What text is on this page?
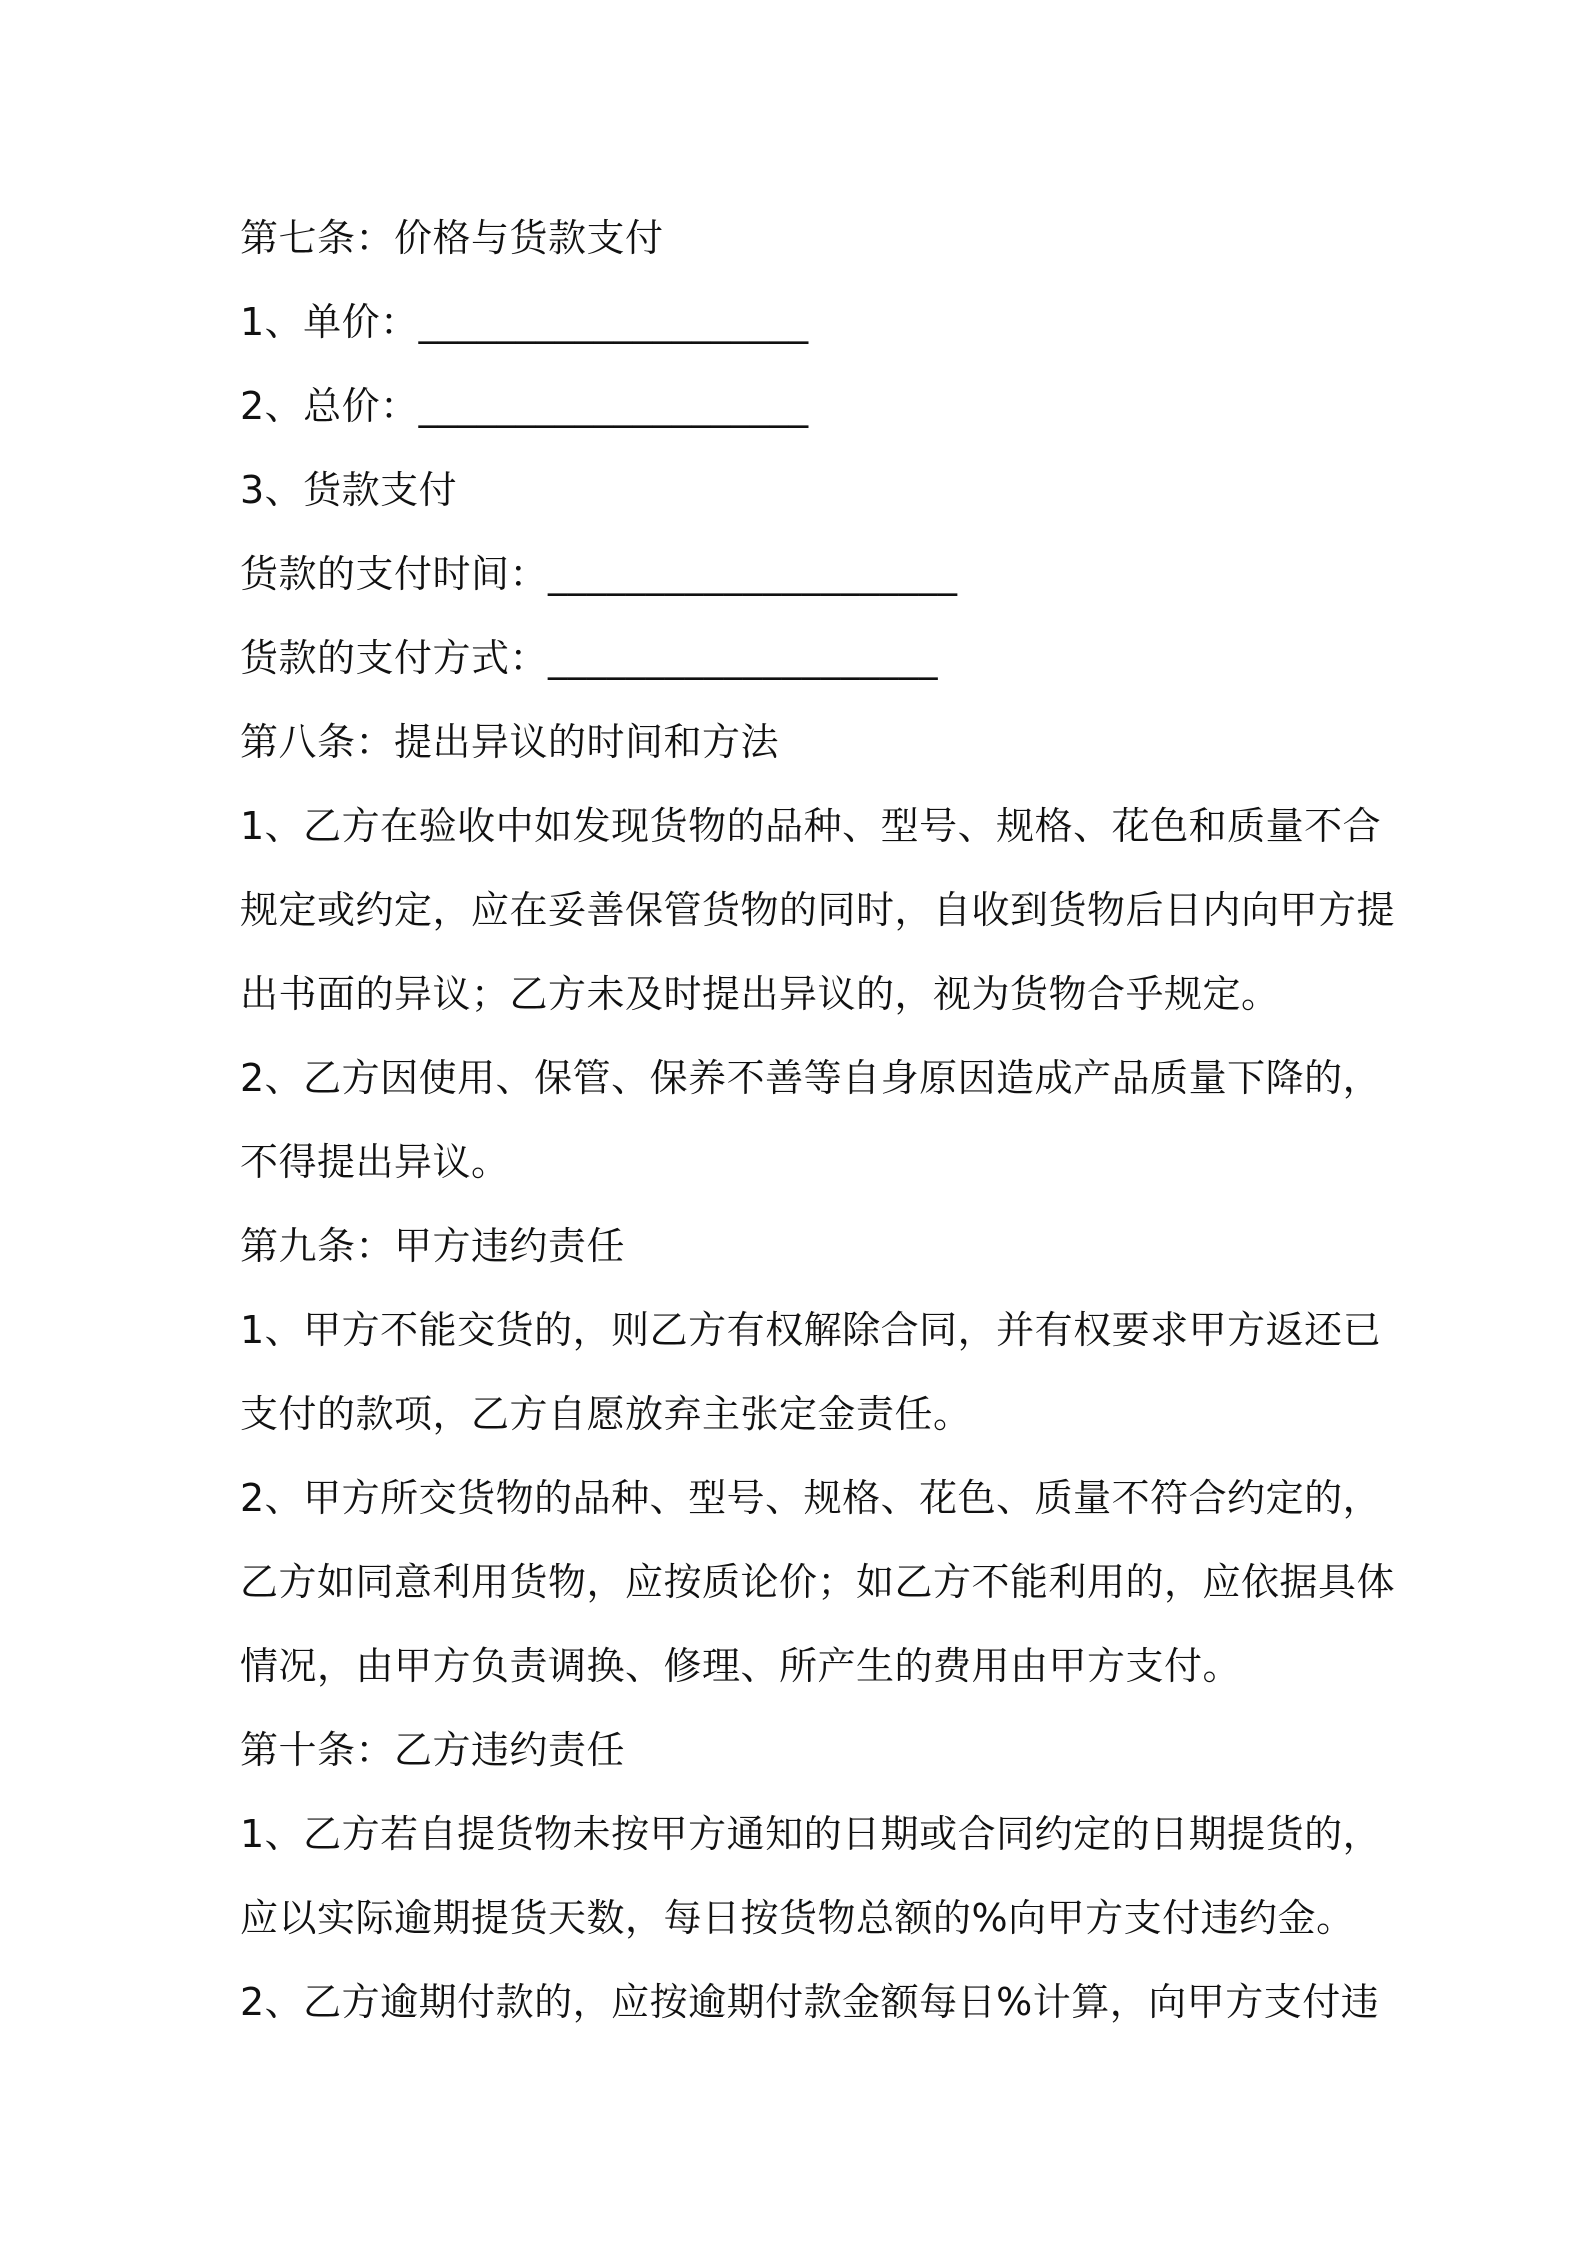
第七条：价格与货款支付
1、单价：____________________
2、总价：____________________
3、货款支付
货款的支付时间：_____________________
货款的支付方式：____________________
第八条：提出异议的时间和方法
1、乙方在验收中如发现货物的品种、型号、规格、花色和质量不合
规定或约定，应在妥善保管货物的同时，自收到货物后日内向甲方提
出书面的异议；乙方未及时提出异议的，视为货物合乎规定。
2、乙方因使用、保管、保养不善等自身原因造成产品质量下降的，
不得提出异议。
第九条：甲方违约责任
1、甲方不能交货的，则乙方有权解除合同，并有权要求甲方返还已
支付的款项，乙方自愿放弃主张定金责任。
2、甲方所交货物的品种、型号、规格、花色、质量不符合约定的，
乙方如同意利用货物，应按质论价；如乙方不能利用的，应依据具体
情况，由甲方负责调换、修理、所产生的费用由甲方支付。
第十条：乙方违约责任
1、乙方若自提货物未按甲方通知的日期或合同约定的日期提货的，
应以实际逾期提货天数，每日按货物总额的%向甲方支付违约金。
2、乙方逾期付款的，应按逾期付款金额每日%计算，向甲方支付违
